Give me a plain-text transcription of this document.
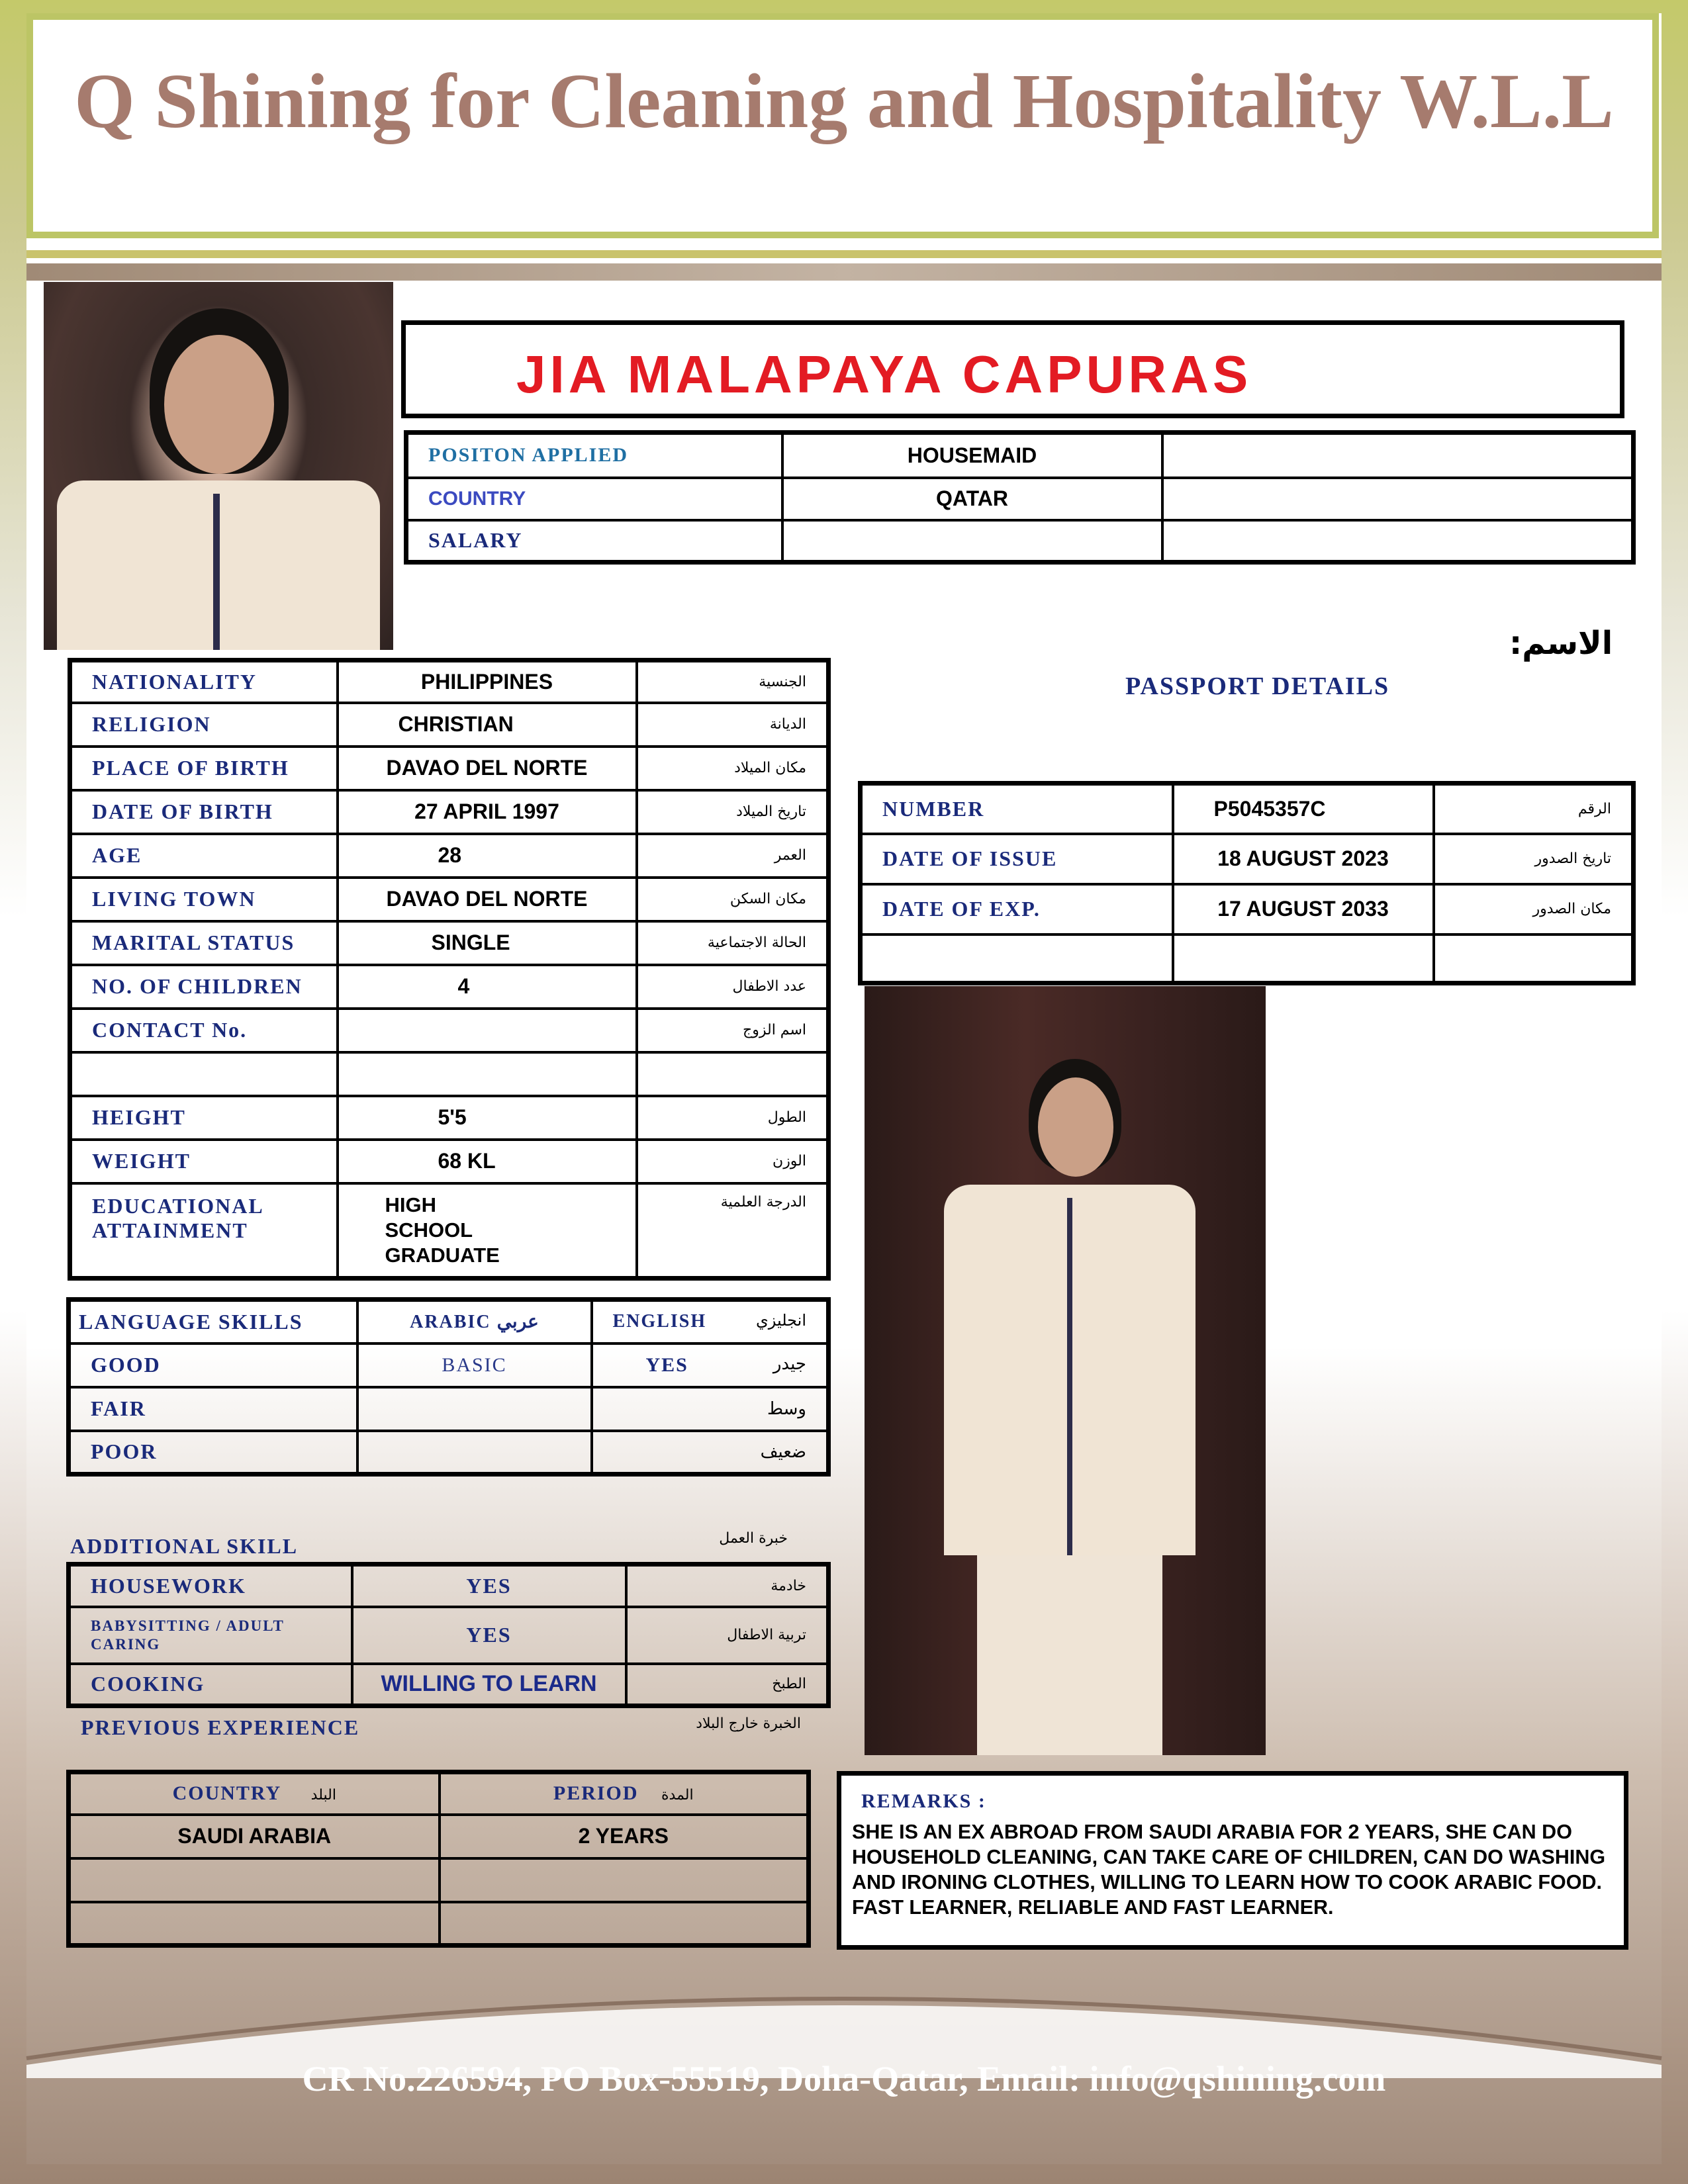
Q Shining for Cleaning and Hospitality W.L.L
JIA MALAPAYA CAPURAS
POSITON APPLIED	HOUSEMAID	
COUNTRY	QATAR	
SALARY		
الاسم:
PASSPORT DETAILS
NATIONALITY	PHILIPPINES	الجنسية
RELIGION	CHRISTIAN	الديانة
PLACE OF BIRTH	DAVAO DEL NORTE	مكان الميلاد
DATE OF BIRTH	27 APRIL 1997	تاريخ الميلاد
AGE	28	العمر
LIVING TOWN	DAVAO DEL NORTE	مكان السكن
MARITAL STATUS	SINGLE	الحالة الاجتماعية
NO. OF CHILDREN	4	عدد الاطفال
CONTACT No.		اسم الزوج

HEIGHT	5'5	الطول
WEIGHT	68 KL	الوزن
EDUCATIONAL ATTAINMENT	HIGH SCHOOL GRADUATE	الدرجة العلمية
NUMBER	P5045357C	الرقم
DATE OF ISSUE	18 AUGUST 2023	تاريخ الصدور
DATE OF EXP.	17 AUGUST 2033	مكان الصدور

LANGUAGE SKILLS	ARABIC عربي	ENGLISH انجليزي

GOOD	BASIC	YES جيدر

FAIR		وسط

POOR		ضعيف
ADDITIONAL SKILL	خبرة العمل
HOUSEWORK	YES	خادمة
BABYSITTING / ADULT CARING	YES	تربية الاطفال
COOKING	WILLING TO LEARN	الطبخ
PREVIOUS EXPERIENCE	الخبرة خارج البلاد
COUNTRY البلد	PERIOD المدة
SAUDI ARABIA	2 YEARS

REMARKS :
SHE IS AN EX ABROAD FROM SAUDI ARABIA FOR 2 YEARS, SHE CAN DO HOUSEHOLD CLEANING, CAN TAKE CARE OF CHILDREN, CAN DO WASHING AND IRONING CLOTHES, WILLING TO LEARN HOW TO COOK ARABIC FOOD. FAST LEARNER, RELIABLE AND FAST LEARNER.
CR No.226594, PO Box-55519, Doha-Qatar, Email: info@qshining.com
